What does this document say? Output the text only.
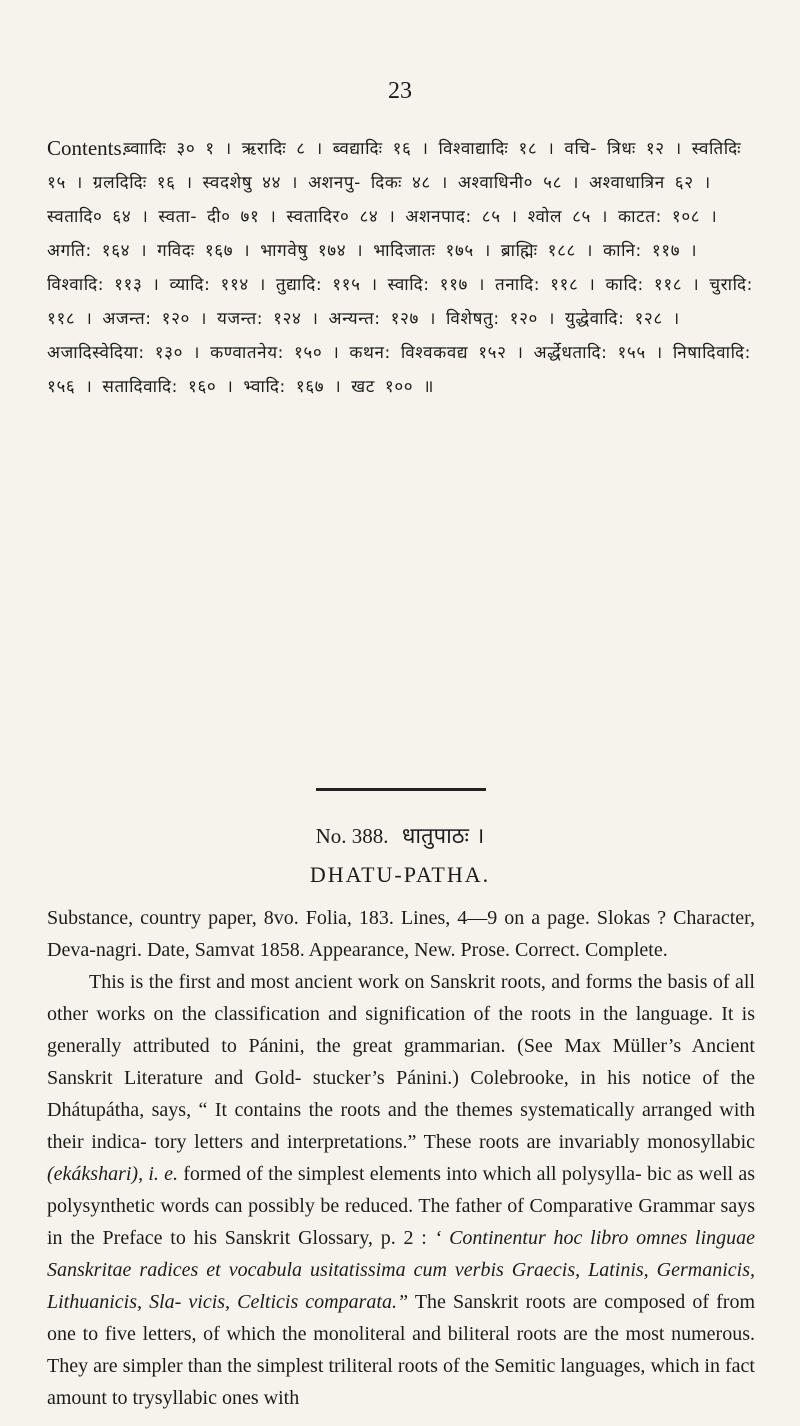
23
Contents. ब्वाादिः ३० १ । ऋरादिः ८ । ब्वद्यादिः १६ । विश्वाद्यादिः १८ । वचि- त्रिधः १२ । स्वतिदिः १५ । ग्रलदिदिः १६ । स्वदशेषु ४४ । अशनपु- दिकः ४८ । अश्वाधिनी० ५८ । अश्वाधात्रिन ६२ । स्वतादि० ६४ । स्वता- दी० ७१ । स्वतादिर० ८४ । अशनपाद: ८५ । श्वोल ८५ । काटत: १०८ । अगति: १६४ । गविदः १६७ । भागवेषु १७४ । भादिजातः १७५ । ब्राह्मिः १८८ । कानि: ११७ । विश्वादि: ११३ । व्यादि: ११४ । तुद्यादि: ११५ । स्वादि: ११७ । तनादि: ११८ । कादि: ११८ । चुरादि: ११८ । अजन्त: १२० । यजन्त: १२४ । अन्यन्त: १२७ । विशेषतु: १२० । युद्धेवादि: १२८ । अजादिस्वेदिया: १३० । कण्वातनेय: १५० । कथन: विश्वकवद्य १५२ । अर्द्धेधतादि: १५५ । निषादिवादि: १५६ । सतादिवादि: १६० । भ्वादि: १६७ । खट १०० ॥
No. 388. धातुपाठः ।
DHATU-PATHA.

Substance, country paper, 8vo. Folia, 183. Lines, 4—9 on a page. Slokas ? Character, Deva-nagri. Date, Samvat 1858. Appearance, New. Prose. Correct. Complete.

This is the first and most ancient work on Sanskrit roots, and forms the basis of all other works on the classification and signification of the roots in the language. It is generally attributed to Pánini, the great grammarian. (See Max Müller’s Ancient Sanskrit Literature and Gold- stucker’s Pánini.) Colebrooke, in his notice of the Dhátupátha, says, “ It contains the roots and the themes systematically arranged with their indica- tory letters and interpretations.” These roots are invariably monosyllabic (ekákshari), i. e. formed of the simplest elements into which all polysylla- bic as well as polysynthetic words can possibly be reduced. The father of Comparative Grammar says in the Preface to his Sanskrit Glossary, p. 2 : ‘ Continentur hoc libro omnes linguae Sanskritae radices et vocabula usitatissima cum verbis Graecis, Latinis, Germanicis, Lithuanicis, Sla- vicis, Celticis comparata.” The Sanskrit roots are composed of from one to five letters, of which the monoliteral and biliteral roots are the most numerous. They are simpler than the simplest triliteral roots of the Semitic languages, which in fact amount to trysyllabic ones with
